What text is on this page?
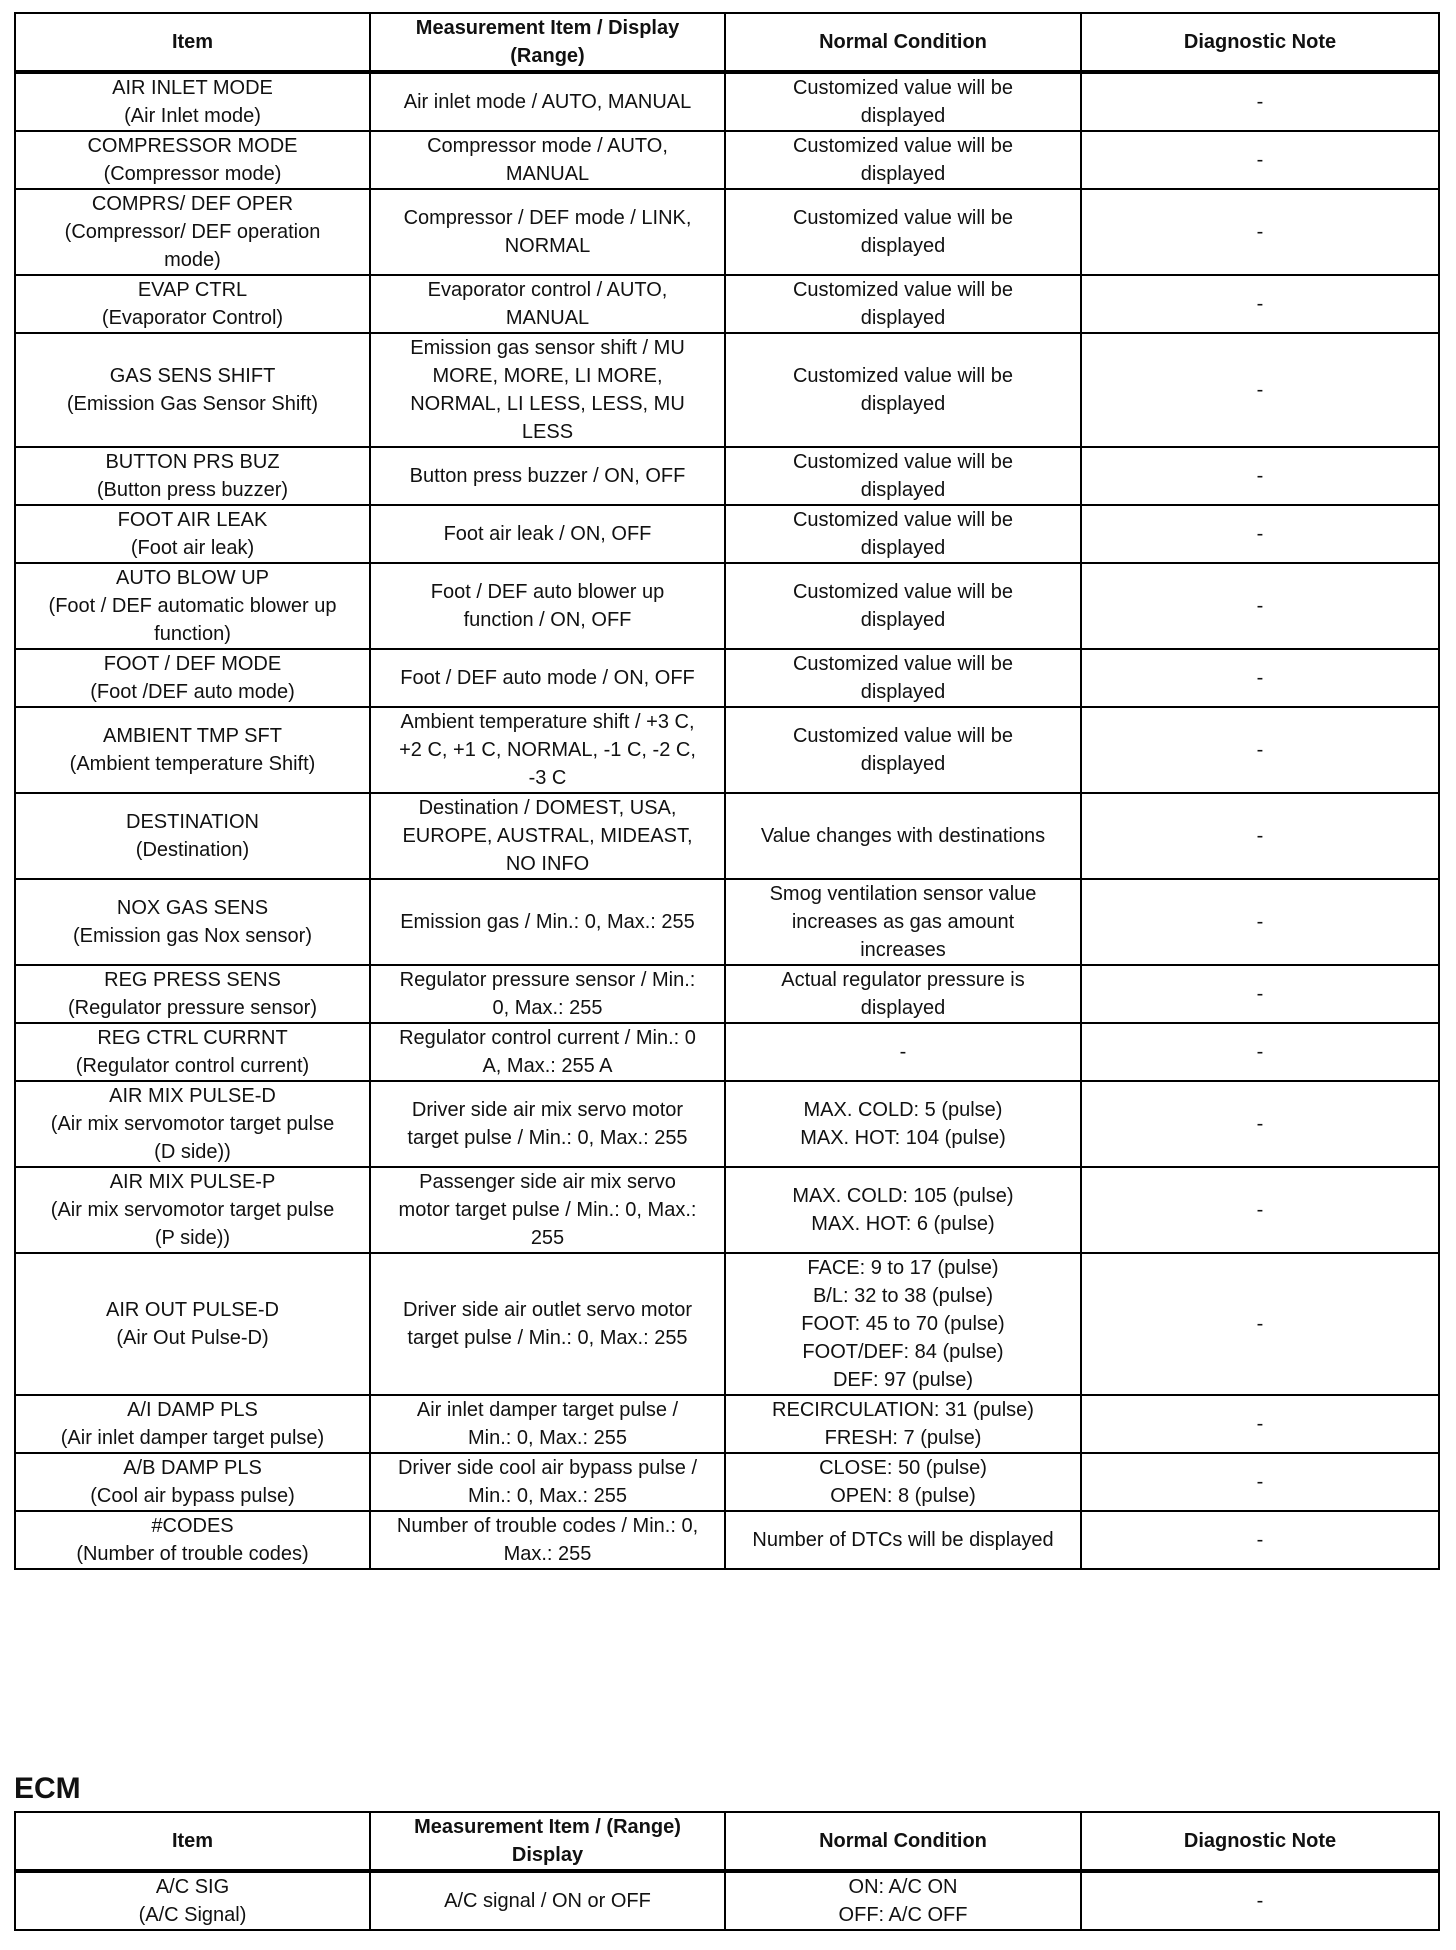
Item	Measurement Item / Display
(Range)	Normal Condition	Diagnostic Note

AIR INLET MODE
(Air Inlet mode)	Air inlet mode / AUTO, MANUAL	Customized value will be
displayed	-

COMPRESSOR MODE
(Compressor mode)	Compressor mode / AUTO,
MANUAL	Customized value will be
displayed	-

COMPRS/ DEF OPER
(Compressor/ DEF operation
mode)	Compressor / DEF mode / LINK,
NORMAL	Customized value will be
displayed	-

EVAP CTRL
(Evaporator Control)	Evaporator control / AUTO,
MANUAL	Customized value will be
displayed	-

GAS SENS SHIFT
(Emission Gas Sensor Shift)	Emission gas sensor shift / MU
MORE, MORE, LI MORE,
NORMAL, LI LESS, LESS, MU
LESS	Customized value will be
displayed	-

BUTTON PRS BUZ
(Button press buzzer)	Button press buzzer / ON, OFF	Customized value will be
displayed	-

FOOT AIR LEAK
(Foot air leak)	Foot air leak / ON, OFF	Customized value will be
displayed	-

AUTO BLOW UP
(Foot / DEF automatic blower up
function)	Foot / DEF auto blower up
function / ON, OFF	Customized value will be
displayed	-

FOOT / DEF MODE
(Foot /DEF auto mode)	Foot / DEF auto mode / ON, OFF	Customized value will be
displayed	-

AMBIENT TMP SFT
(Ambient temperature Shift)	Ambient temperature shift / +3 C,
+2 C, +1 C, NORMAL, -1 C, -2 C,
-3 C	Customized value will be
displayed	-

DESTINATION
(Destination)	Destination / DOMEST, USA,
EUROPE, AUSTRAL, MIDEAST,
NO INFO	Value changes with destinations	-

NOX GAS SENS
(Emission gas Nox sensor)	Emission gas / Min.: 0, Max.: 255	Smog ventilation sensor value
increases as gas amount
increases	-

REG PRESS SENS
(Regulator pressure sensor)	Regulator pressure sensor / Min.:
0, Max.: 255	Actual regulator pressure is
displayed	-

REG CTRL CURRNT
(Regulator control current)	Regulator control current / Min.: 0
A, Max.: 255 A	-	-

AIR MIX PULSE-D
(Air mix servomotor target pulse
(D side))	Driver side air mix servo motor
target pulse / Min.: 0, Max.: 255	MAX. COLD: 5 (pulse)
MAX. HOT: 104 (pulse)	-

AIR MIX PULSE-P
(Air mix servomotor target pulse
(P side))	Passenger side air mix servo
motor target pulse / Min.: 0, Max.:
255	MAX. COLD: 105 (pulse)
MAX. HOT: 6 (pulse)	-

AIR OUT PULSE-D
(Air Out Pulse-D)	Driver side air outlet servo motor
target pulse / Min.: 0, Max.: 255	FACE: 9 to 17 (pulse)
B/L: 32 to 38 (pulse)
FOOT: 45 to 70 (pulse)
FOOT/DEF: 84 (pulse)
DEF: 97 (pulse)	-

A/I DAMP PLS
(Air inlet damper target pulse)	Air inlet damper target pulse /
Min.: 0, Max.: 255	RECIRCULATION: 31 (pulse)
FRESH: 7 (pulse)	-

A/B DAMP PLS
(Cool air bypass pulse)	Driver side cool air bypass pulse /
Min.: 0, Max.: 255	CLOSE: 50 (pulse)
OPEN: 8 (pulse)	-

#CODES
(Number of trouble codes)	Number of trouble codes / Min.: 0,
Max.: 255	Number of DTCs will be displayed	-
ECM
Item	Measurement Item / (Range)
Display	Normal Condition	Diagnostic Note

A/C SIG
(A/C Signal)	A/C signal / ON or OFF	ON: A/C ON
OFF: A/C OFF	-
